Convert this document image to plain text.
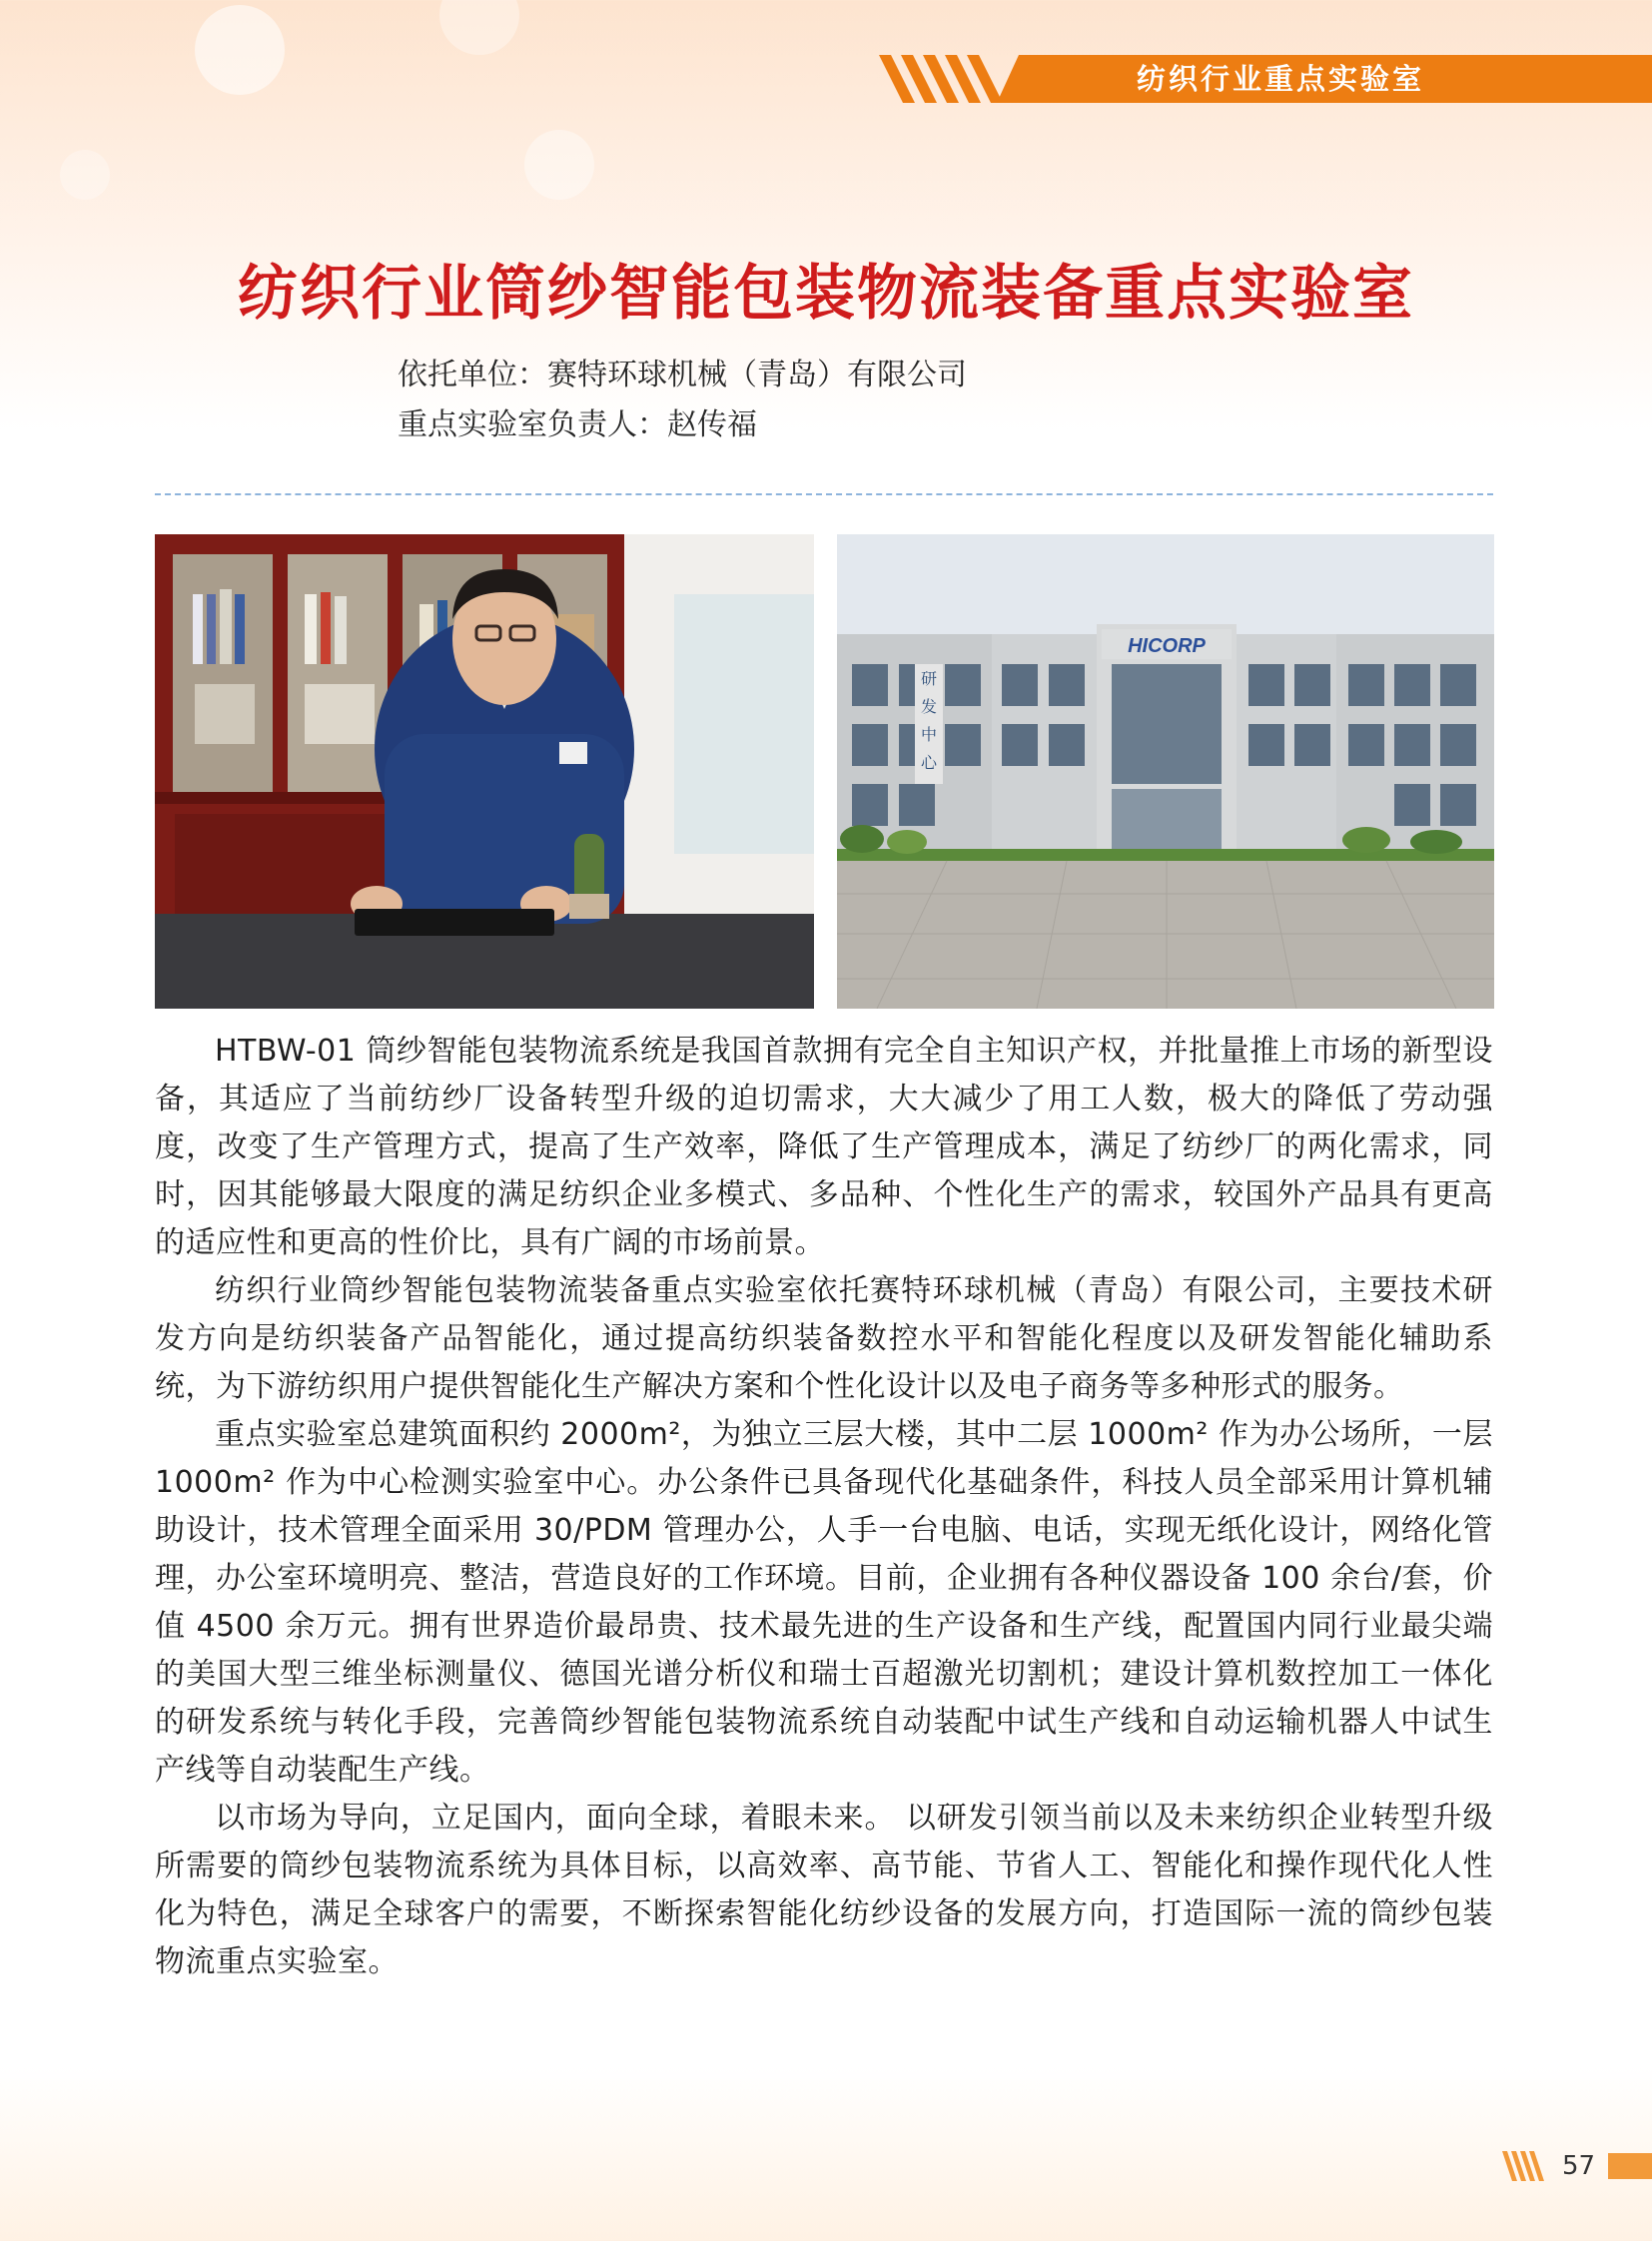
纺织行业重点实验室
纺织行业筒纱智能包装物流装备重点实验室
依托单位：赛特环球机械（青岛）有限公司
重点实验室负责人：赵传福
研
发
中
心
HICORP

HTBW-01 筒纱智能包装物流系统是我国首款拥有完全自主知识产权，并批量推上市场的新型设备，其适应了当前纺纱厂设备转型升级的迫切需求，大大减少了用工人数，极大的降低了劳动强度，改变了生产管理方式，提高了生产效率，降低了生产管理成本，满足了纺纱厂的两化需求，同时，因其能够最大限度的满足纺织企业多模式、多品种、个性化生产的需求，较国外产品具有更高的适应性和更高的性价比，具有广阔的市场前景。

纺织行业筒纱智能包装物流装备重点实验室依托赛特环球机械（青岛）有限公司，主要技术研发方向是纺织装备产品智能化，通过提高纺织装备数控水平和智能化程度以及研发智能化辅助系统，为下游纺织用户提供智能化生产解决方案和个性化设计以及电子商务等多种形式的服务。

重点实验室总建筑面积约 2000m²，为独立三层大楼，其中二层 1000m² 作为办公场所，一层 1000m² 作为中心检测实验室中心。办公条件已具备现代化基础条件，科技人员全部采用计算机辅助设计，技术管理全面采用 30/PDM 管理办公，人手一台电脑、电话，实现无纸化设计，网络化管理，办公室环境明亮、整洁，营造良好的工作环境。目前，企业拥有各种仪器设备 100 余台/套，价值 4500 余万元。拥有世界造价最昂贵、技术最先进的生产设备和生产线，配置国内同行业最尖端的美国大型三维坐标测量仪、德国光谱分析仪和瑞士百超激光切割机；建设计算机数控加工一体化的研发系统与转化手段，完善筒纱智能包装物流系统自动装配中试生产线和自动运输机器人中试生产线等自动装配生产线。

以市场为导向，立足国内，面向全球，着眼未来。 以研发引领当前以及未来纺织企业转型升级所需要的筒纱包装物流系统为具体目标，以高效率、高节能、节省人工、智能化和操作现代化人性化为特色，满足全球客户的需要，不断探索智能化纺纱设备的发展方向，打造国际一流的筒纱包装物流重点实验室。

57
